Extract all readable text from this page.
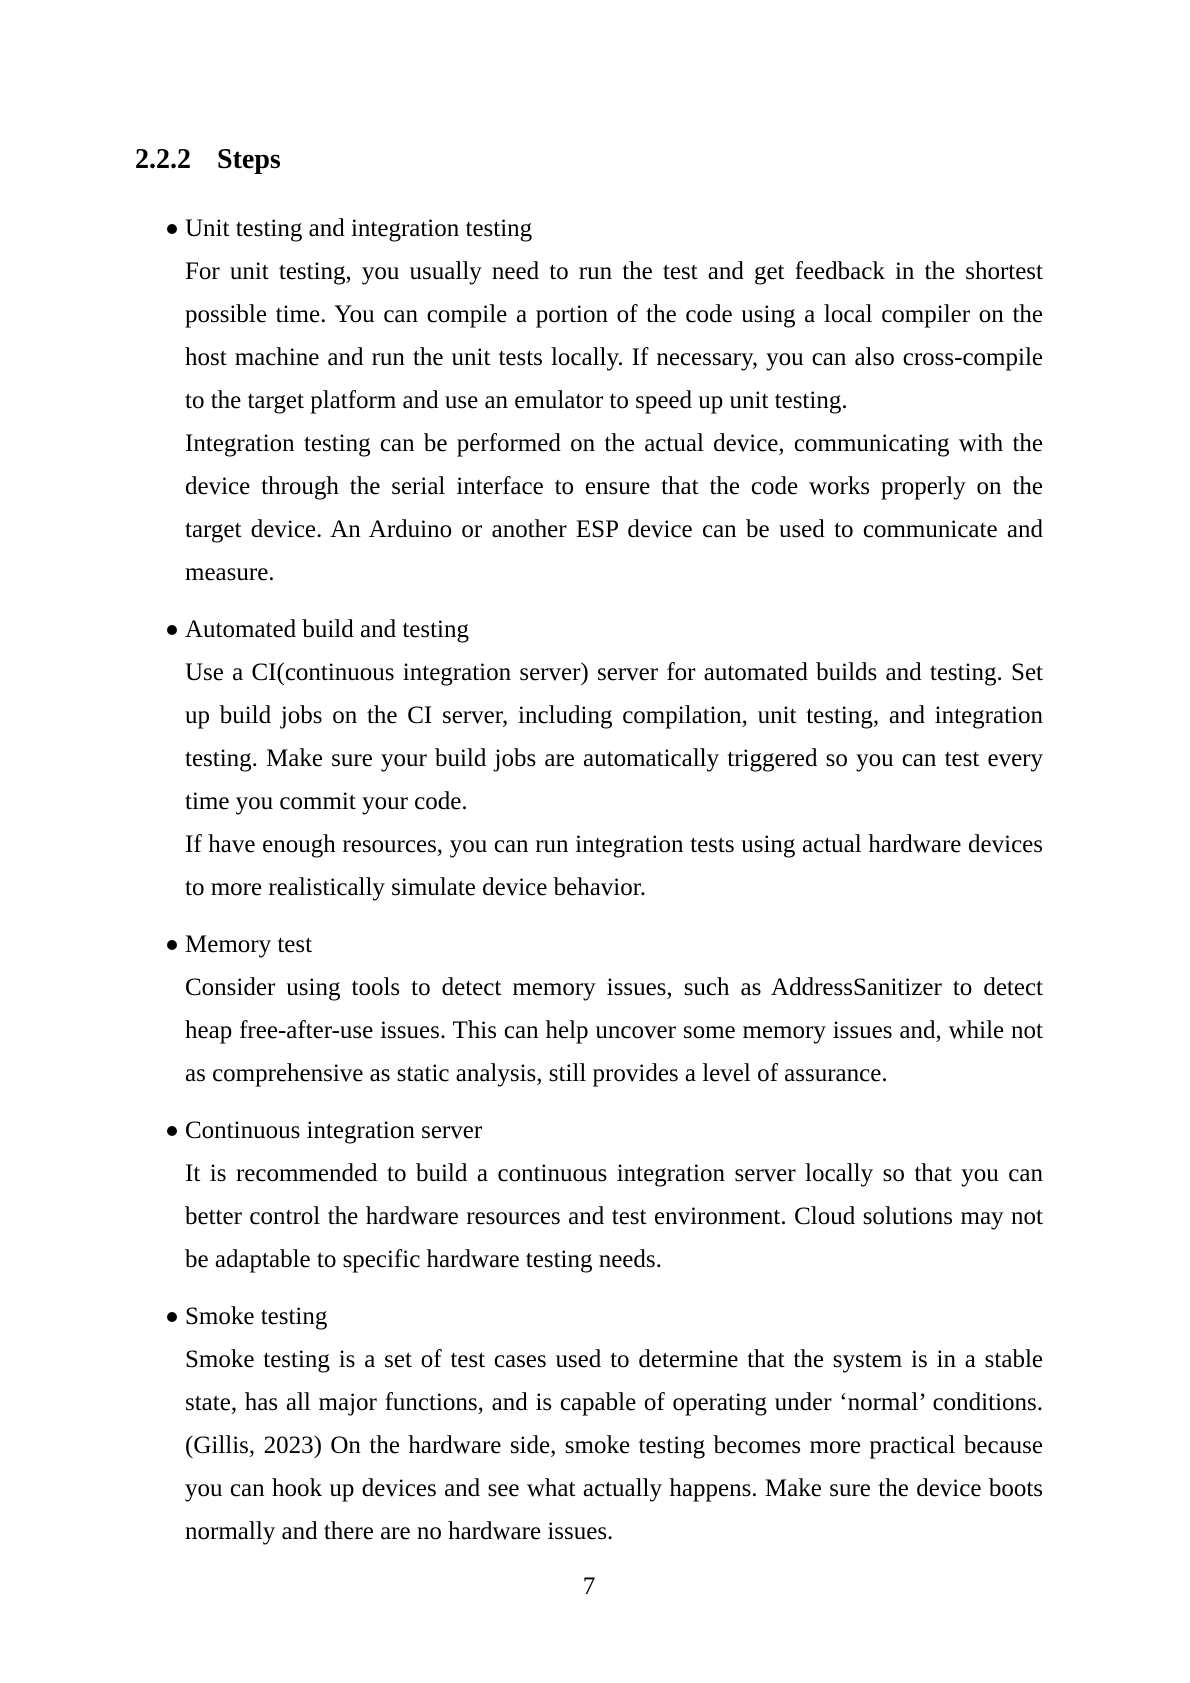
2.2.2 Steps
Unit testing and integration testing

For unit testing, you usually need to run the test and get feedback in the shortest possible time. You can compile a portion of the code using a local compiler on the host machine and run the unit tests locally. If necessary, you can also cross-compile to the target platform and use an emulator to speed up unit testing.

Integration testing can be performed on the actual device, communicating with the device through the serial interface to ensure that the code works properly on the target device. An Arduino or another ESP device can be used to communicate and measure.

Automated build and testing

Use a CI(continuous integration server) server for automated builds and testing. Set up build jobs on the CI server, including compilation, unit testing, and integration testing. Make sure your build jobs are automatically triggered so you can test every time you commit your code.

If have enough resources, you can run integration tests using actual hardware devices to more realistically simulate device behavior.

Memory test

Consider using tools to detect memory issues, such as AddressSanitizer to detect heap free-after-use issues. This can help uncover some memory issues and, while not as comprehensive as static analysis, still provides a level of assurance.

Continuous integration server

It is recommended to build a continuous integration server locally so that you can better control the hardware resources and test environment. Cloud solutions may not be adaptable to specific hardware testing needs.

Smoke testing

Smoke testing is a set of test cases used to determine that the system is in a stable state, has all major functions, and is capable of operating under ‘normal’ conditions.(Gillis, 2023) On the hardware side, smoke testing becomes more practical because you can hook up devices and see what actually happens. Make sure the device boots normally and there are no hardware issues.

7
